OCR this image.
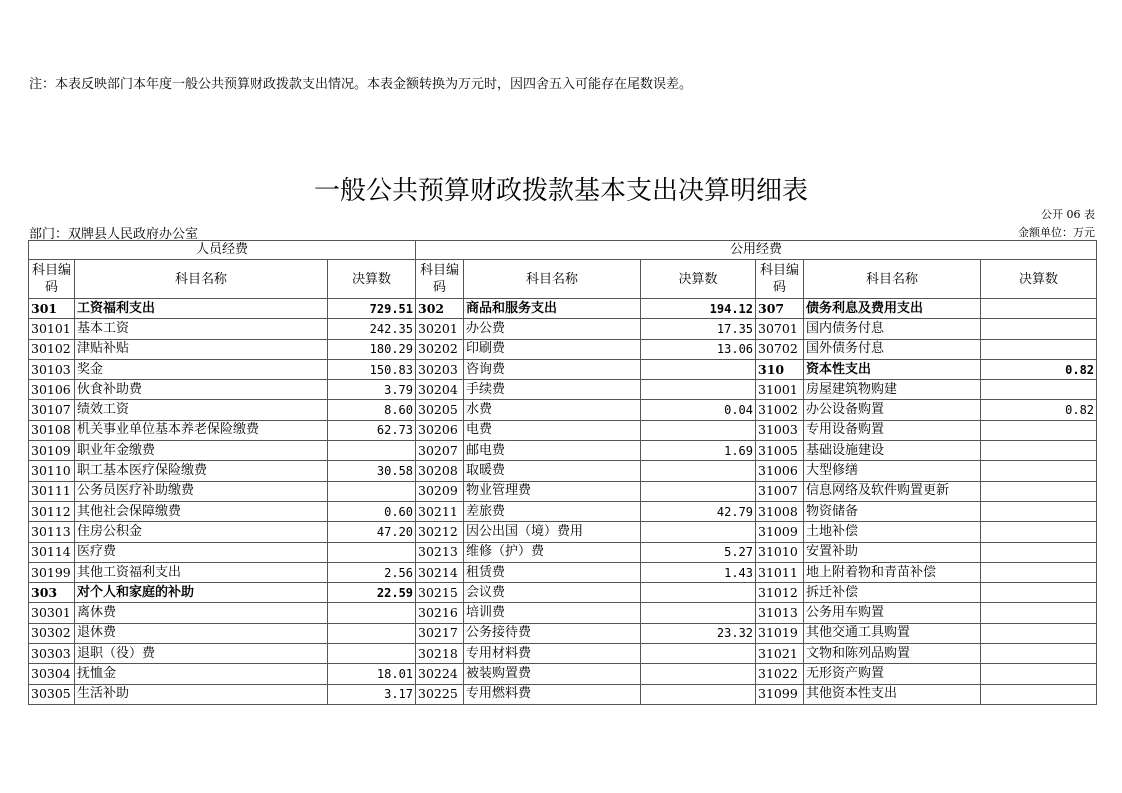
注：本表反映部门本年度一般公共预算财政拨款支出情况。本表金额转换为万元时，因四舍五入可能存在尾数误差。
一般公共预算财政拨款基本支出决算明细表
公开 06 表
部门：双牌县人民政府办公室	金额单位：万元
人员经费			公用经费					
科目编码	科目名称	决算数	科目编码	科目名称	决算数	科目编码	科目名称	决算数
301	工资福利支出	729.51	302	商品和服务支出	194.12	307	债务利息及费用支出	
30101	基本工资	242.35	30201	办公费	17.35	30701	国内债务付息	
30102	津贴补贴	180.29	30202	印刷费	13.06	30702	国外债务付息	
30103	奖金	150.83	30203	咨询费		310	资本性支出	0.82
30106	伙食补助费	3.79	30204	手续费		31001	房屋建筑物购建	
30107	绩效工资	8.60	30205	水费	0.04	31002	办公设备购置	0.82
30108	机关事业单位基本养老保险缴费	62.73	30206	电费		31003	专用设备购置	
30109	职业年金缴费		30207	邮电费	1.69	31005	基础设施建设	
30110	职工基本医疗保险缴费	30.58	30208	取暖费		31006	大型修缮	
30111	公务员医疗补助缴费		30209	物业管理费		31007	信息网络及软件购置更新	
30112	其他社会保障缴费	0.60	30211	差旅费	42.79	31008	物资储备	
30113	住房公积金	47.20	30212	因公出国（境）费用		31009	土地补偿	
30114	医疗费		30213	维修（护）费	5.27	31010	安置补助	
30199	其他工资福利支出	2.56	30214	租赁费	1.43	31011	地上附着物和青苗补偿	
303	对个人和家庭的补助	22.59	30215	会议费		31012	拆迁补偿	
30301	离休费		30216	培训费		31013	公务用车购置	
30302	退休费		30217	公务接待费	23.32	31019	其他交通工具购置	
30303	退职（役）费		30218	专用材料费		31021	文物和陈列品购置	
30304	抚恤金	18.01	30224	被装购置费		31022	无形资产购置	
30305	生活补助	3.17	30225	专用燃料费		31099	其他资本性支出	
